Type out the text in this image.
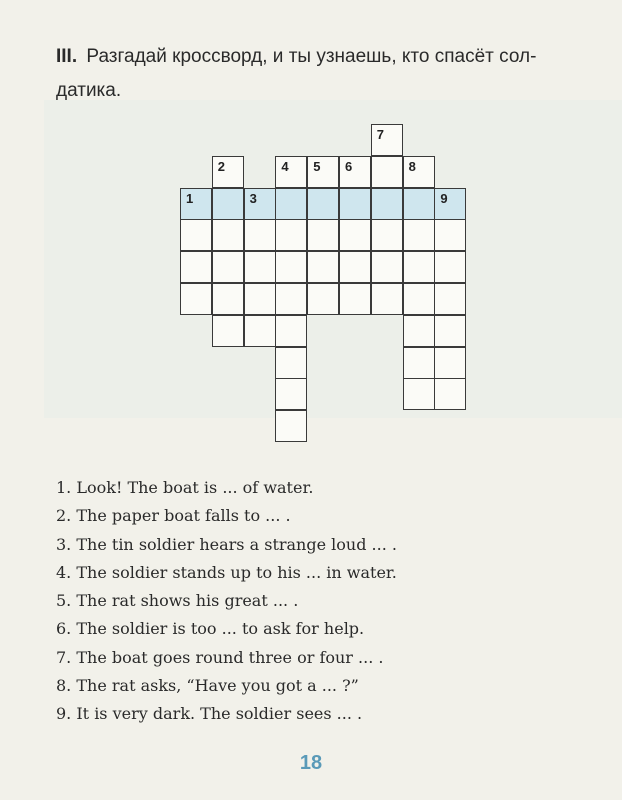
III. Разгадай кроссворд, и ты узнаешь, кто спасёт сол-
датика.
7
2	4 5 6	8
1	3	9
1. Look! The boat is ... of water.
2. The paper boat falls to ... .
3. The tin soldier hears a strange loud ... .
4. The soldier stands up to his ... in water.
5. The rat shows his great ... .
6. The soldier is too ... to ask for help.
7. The boat goes round three or four ... .
8. The rat asks, “Have you got a ... ?”
9. It is very dark. The soldier sees ... .
18
